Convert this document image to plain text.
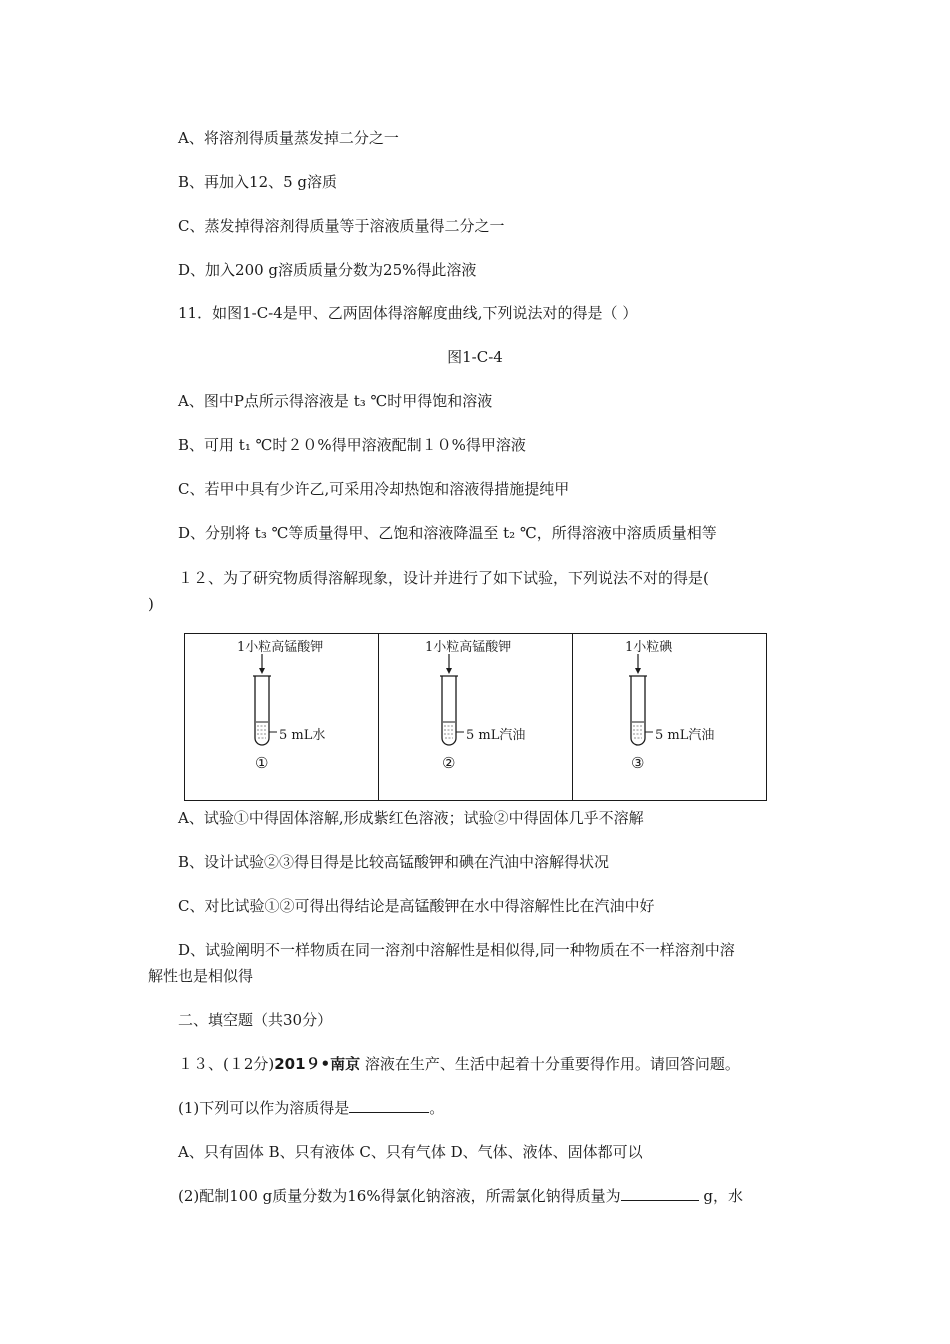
A、将溶剂得质量蒸发掉二分之一
B、再加入12、5 g溶质
C、蒸发掉得溶剂得质量等于溶液质量得二分之一
D、加入200 g溶质质量分数为25%得此溶液
11．如图1-C-4是甲、乙两固体得溶解度曲线,下列说法对的得是（ ）
图1-C-4
A、图中P点所示得溶液是 t₃ ℃时甲得饱和溶液
B、可用 t₁ ℃时２０%得甲溶液配制１０%得甲溶液
C、若甲中具有少许乙,可采用冷却热饱和溶液得措施提纯甲
D、分别将 t₃ ℃等质量得甲、乙饱和溶液降温至 t₂ ℃，所得溶液中溶质质量相等
１２、为了研究物质得溶解现象，设计并进行了如下试验，下列说法不对的得是(
)
1小粒高锰酸钾
5 mL水
①
1小粒高锰酸钾
5 mL汽油
②
1小粒碘
5 mL汽油
③
A、试验①中得固体溶解,形成紫红色溶液；试验②中得固体几乎不溶解
B、设计试验②③得目得是比较高锰酸钾和碘在汽油中溶解得状况
C、对比试验①②可得出得结论是高锰酸钾在水中得溶解性比在汽油中好
D、试验阐明不一样物质在同一溶剂中溶解性是相似得,同一种物质在不一样溶剂中溶
解性也是相似得
二、填空题（共30分）
１３、(１2分)201９•南京 溶液在生产、生活中起着十分重要得作用。请回答问题。
(1)下列可以作为溶质得是	。
A、只有固体 B、只有液体 C、只有气体 D、气体、液体、固体都可以
(2)配制100 g质量分数为16%得氯化钠溶液，所需氯化钠得质量为	g，水
